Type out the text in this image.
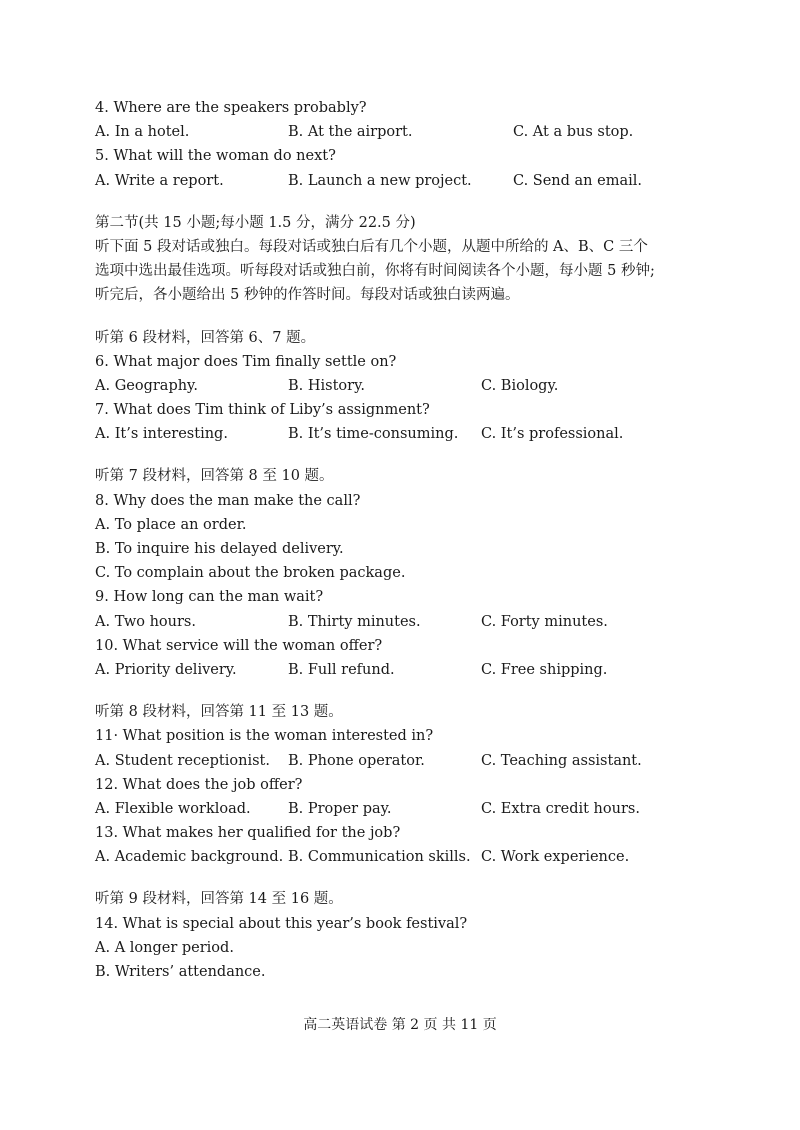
4. Where are the speakers probably?
A. In a hotel.	B. At the airport.	C. At a bus stop.
5. What will the woman do next?
A. Write a report.	B. Launch a new project.	C. Send an email.
第二节(共 15 小题;每小题 1.5 分，满分 22.5 分)
听下面 5 段对话或独白。每段对话或独白后有几个小题，从题中所给的 A、B、C 三个
选项中选出最佳选项。听每段对话或独白前，你将有时间阅读各个小题，每小题 5 秒钟;
听完后，各小题给出 5 秒钟的作答时间。每段对话或独白读两遍。
听第 6 段材料，回答第 6、7 题。
6. What major does Tim finally settle on?
A. Geography.	B. History.	C. Biology.
7. What does Tim think of Liby’s assignment?
A. It’s interesting.	B. It’s time-consuming. C. It’s professional.
听第 7 段材料，回答第 8 至 10 题。
8. Why does the man make the call?
A. To place an order.
B. To inquire his delayed delivery.
C. To complain about the broken package.
9. How long can the man wait?
A. Two hours.	B. Thirty minutes.	C. Forty minutes.
10. What service will the woman offer?
A. Priority delivery.	B. Full refund.	C. Free shipping.
听第 8 段材料，回答第 11 至 13 题。
11· What position is the woman interested in?
A. Student receptionist. B. Phone operator.	C. Teaching assistant.
12. What does the job offer?
A. Flexible workload.	B. Proper pay.	C. Extra credit hours.
13. What makes her qualified for the job?
A. Academic background. B. Communication skills. C. Work experience.
听第 9 段材料，回答第 14 至 16 题。
14. What is special about this year’s book festival?
A. A longer period.
B. Writers’ attendance.
高二英语试卷 第 2 页 共 11 页
